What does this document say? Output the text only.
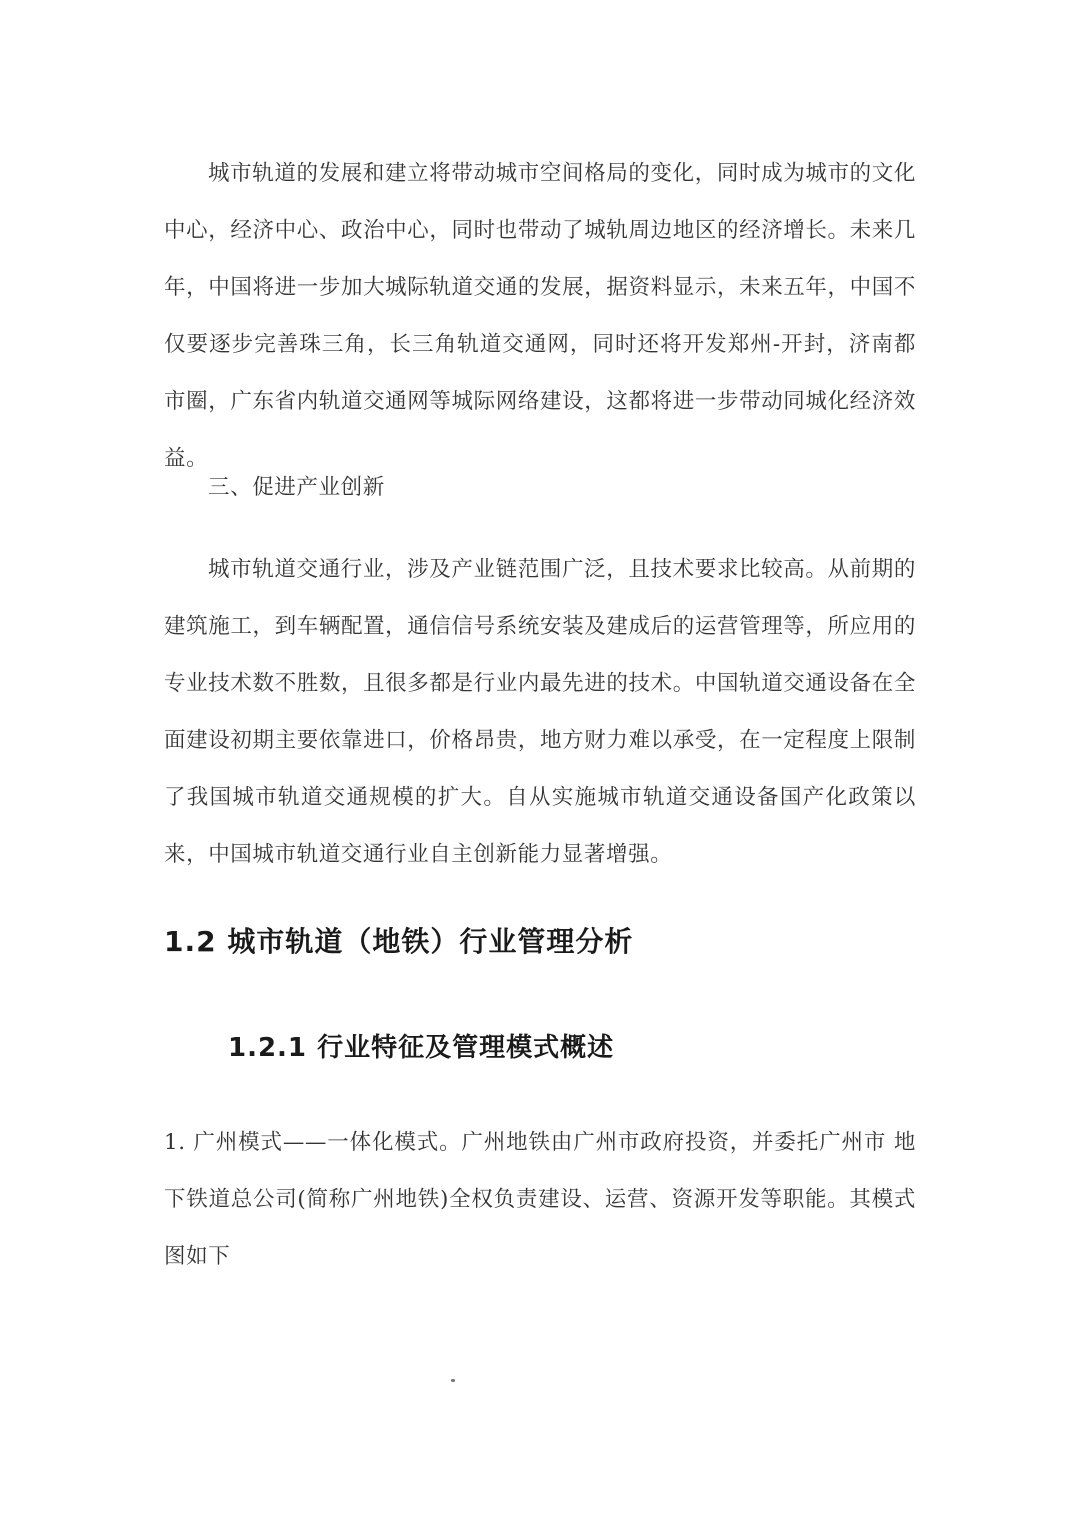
城市轨道的发展和建立将带动城市空间格局的变化，同时成为城市的文化中心，经济中心、政治中心，同时也带动了城轨周边地区的经济增长。未来几年，中国将进一步加大城际轨道交通的发展，据资料显示，未来五年，中国不仅要逐步完善珠三角，长三角轨道交通网，同时还将开发郑州-开封，济南都市圈，广东省内轨道交通网等城际网络建设，这都将进一步带动同城化经济效益。

三、促进产业创新

城市轨道交通行业，涉及产业链范围广泛，且技术要求比较高。从前期的建筑施工，到车辆配置，通信信号系统安装及建成后的运营管理等，所应用的专业技术数不胜数，且很多都是行业内最先进的技术。中国轨道交通设备在全面建设初期主要依靠进口，价格昂贵，地方财力难以承受，在一定程度上限制了我国城市轨道交通规模的扩大。自从实施城市轨道交通设备国产化政策以来，中国城市轨道交通行业自主创新能力显著增强。

1.2 城市轨道（地铁）行业管理分析
1.2.1 行业特征及管理模式概述

1. 广州模式——一体化模式。广州地铁由广州市政府投资，并委托广州市 地下铁道总公司(简称广州地铁)全权负责建设、运营、资源开发等职能。其模式图如下
